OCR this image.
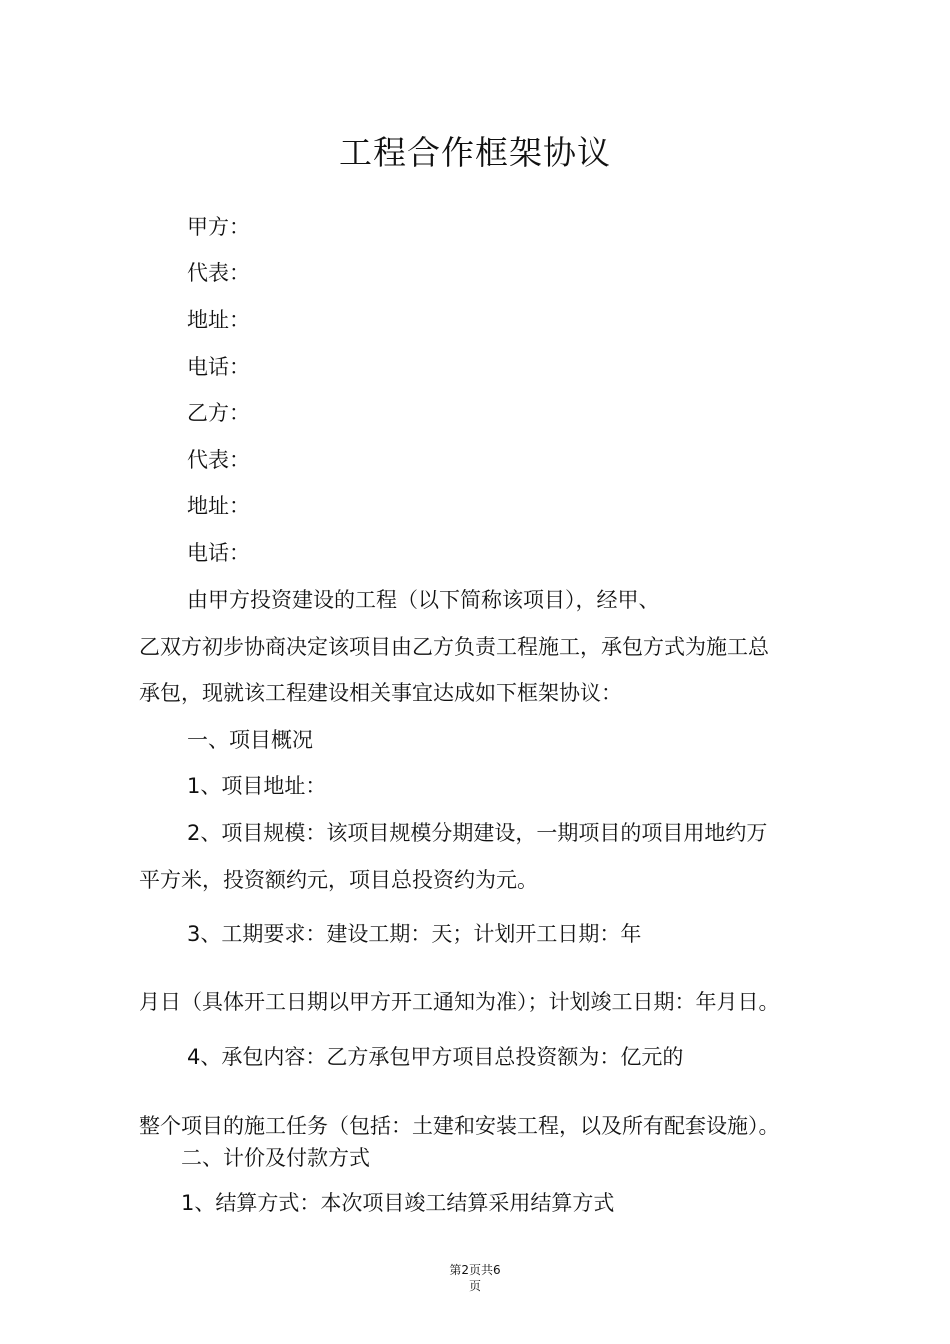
工程合作框架协议
甲方：
代表：
地址：
电话：
乙方：
代表：
地址：
电话：
由甲方投资建设的工程（以下简称该项目），经甲、
乙双方初步协商决定该项目由乙方负责工程施工，承包方式为施工总
承包，现就该工程建设相关事宜达成如下框架协议：
一、项目概况
1、项目地址：
2、项目规模：该项目规模分期建设，一期项目的项目用地约万
平方米，投资额约元，项目总投资约为元。
3、工期要求：建设工期：天；计划开工日期：年
月日（具体开工日期以甲方开工通知为准）；计划竣工日期：年月日。
4、承包内容：乙方承包甲方项目总投资额为：亿元的
整个项目的施工任务（包括：土建和安装工程，以及所有配套设施）。
二、计价及付款方式
1、结算方式：本次项目竣工结算采用结算方式
第2页共6
页
